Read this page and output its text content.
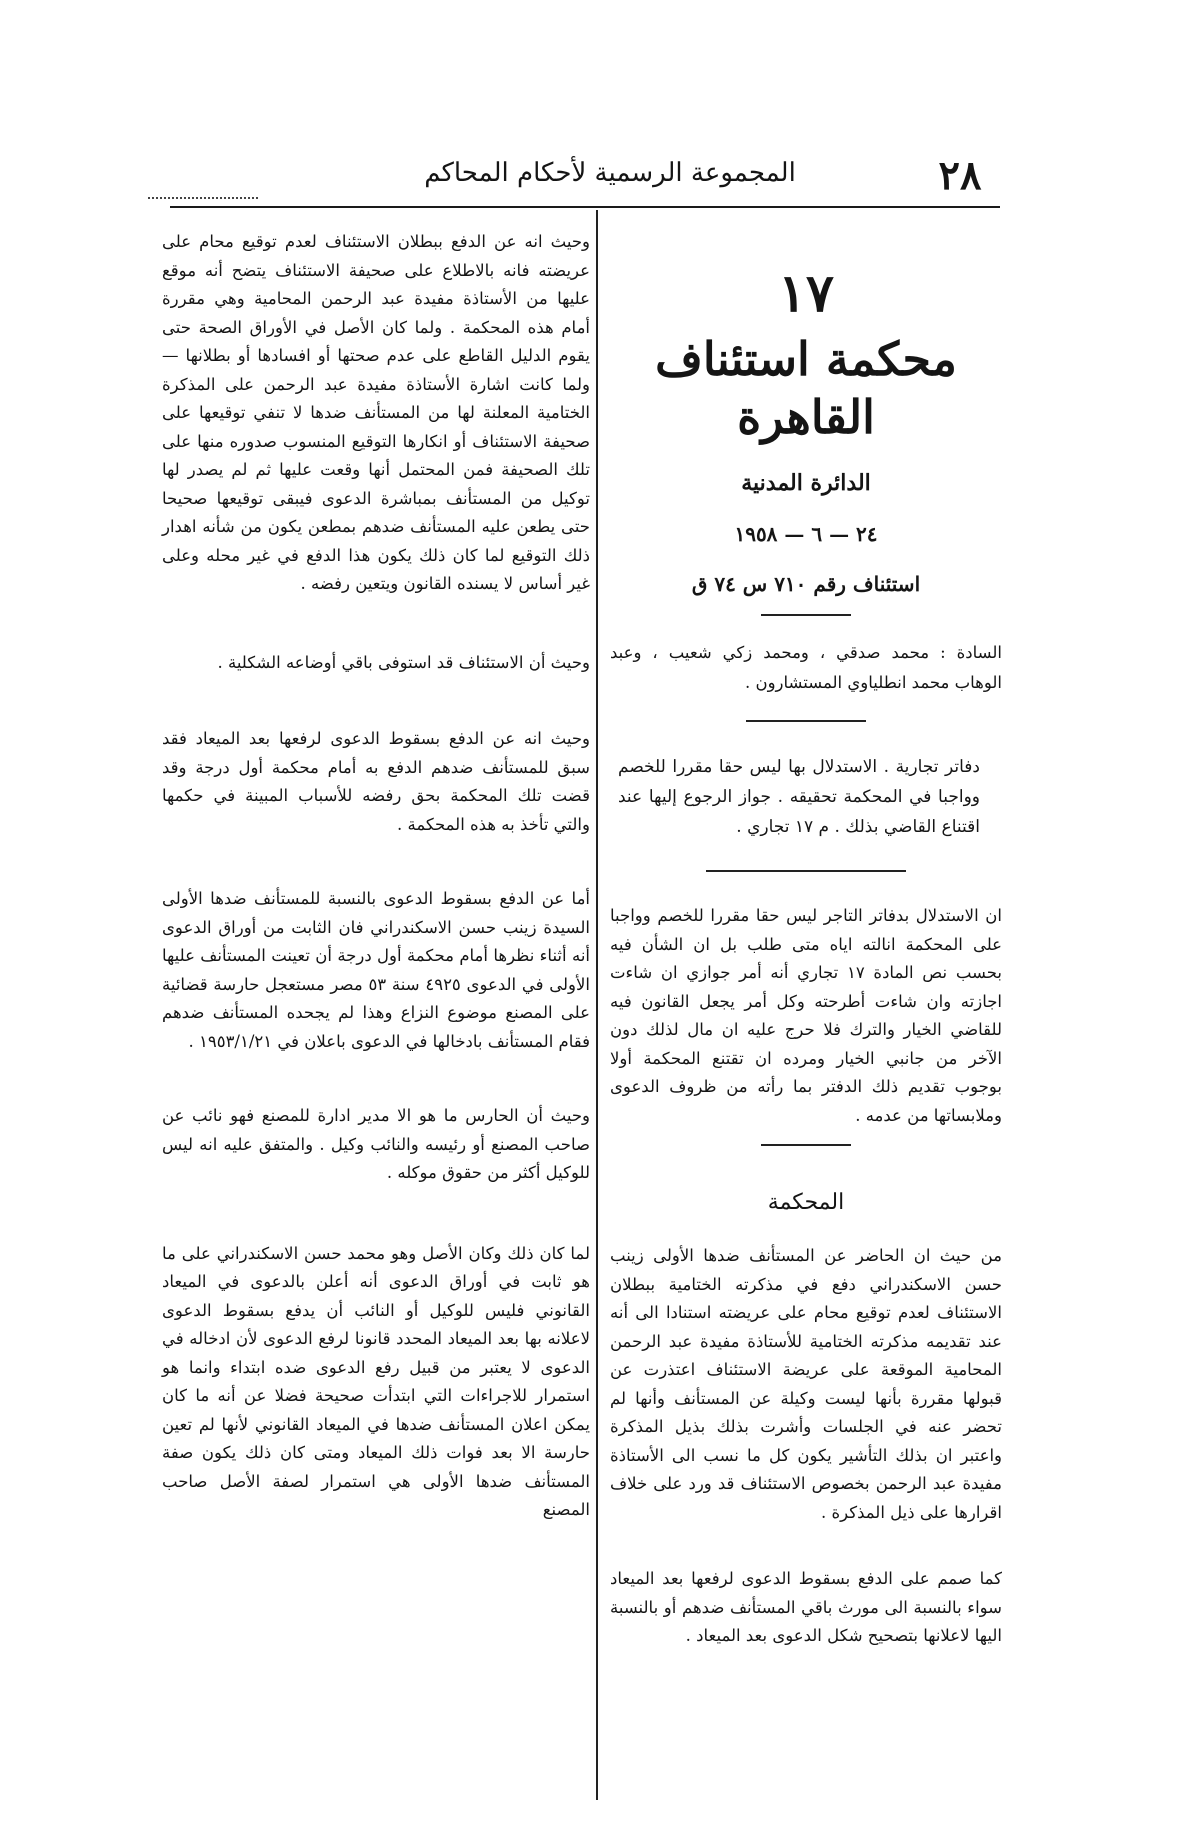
٢٨
المجموعة الرسمية لأحكام المحاكم

١٧

محكمة استئناف القاهرة

الدائرة المدنية

٢٤ — ٦ — ١٩٥٨

استئناف رقم ٧١٠ س ٧٤ ق

السادة : محمد صدقي ، ومحمد زكي شعيب ، وعبد الوهاب محمد انطلياوي المستشارون .

دفاتر تجارية . الاستدلال بها ليس حقا مقررا للخصم وواجبا في المحكمة تحقيقه . جواز الرجوع إليها عند اقتناع القاضي بذلك . م ١٧ تجاري .

ان الاستدلال بدفاتر التاجر ليس حقا مقررا للخصم وواجبا على المحكمة انالته اياه متى طلب بل ان الشأن فيه بحسب نص المادة ١٧ تجاري أنه أمر جوازي ان شاءت اجازته وان شاءت أطرحته وكل أمر يجعل القانون فيه للقاضي الخيار والترك فلا حرج عليه ان مال لذلك دون الآخر من جانبي الخيار ومرده ان تقتنع المحكمة أولا بوجوب تقديم ذلك الدفتر بما رأته من ظروف الدعوى وملابساتها من عدمه .

المحكمة

من حيث ان الحاضر عن المستأنف ضدها الأولى زينب حسن الاسكندراني دفع في مذكرته الختامية ببطلان الاستئناف لعدم توقيع محام على عريضته استنادا الى أنه عند تقديمه مذكرته الختامية للأستاذة مفيدة عبد الرحمن المحامية الموقعة على عريضة الاستئناف اعتذرت عن قبولها مقررة بأنها ليست وكيلة عن المستأنف وأنها لم تحضر عنه في الجلسات وأشرت بذلك بذيل المذكرة واعتبر ان بذلك التأشير يكون كل ما نسب الى الأستاذة مفيدة عبد الرحمن بخصوص الاستئناف قد ورد على خلاف اقرارها على ذيل المذكرة .

كما صمم على الدفع بسقوط الدعوى لرفعها بعد الميعاد سواء بالنسبة الى مورث باقي المستأنف ضدهم أو بالنسبة اليها لاعلانها بتصحيح شكل الدعوى بعد الميعاد .

وحيث انه عن الدفع ببطلان الاستئناف لعدم توقيع محام على عريضته فانه بالاطلاع على صحيفة الاستئناف يتضح أنه موقع عليها من الأستاذة مفيدة عبد الرحمن المحامية وهي مقررة أمام هذه المحكمة . ولما كان الأصل في الأوراق الصحة حتى يقوم الدليل القاطع على عدم صحتها أو افسادها أو بطلانها — ولما كانت اشارة الأستاذة مفيدة عبد الرحمن على المذكرة الختامية المعلنة لها من المستأنف ضدها لا تنفي توقيعها على صحيفة الاستئناف أو انكارها التوقيع المنسوب صدوره منها على تلك الصحيفة فمن المحتمل أنها وقعت عليها ثم لم يصدر لها توكيل من المستأنف بمباشرة الدعوى فيبقى توقيعها صحيحا حتى يطعن عليه المستأنف ضدهم بمطعن يكون من شأنه اهدار ذلك التوقيع لما كان ذلك يكون هذا الدفع في غير محله وعلى غير أساس لا يسنده القانون ويتعين رفضه .

وحيث أن الاستئناف قد استوفى باقي أوضاعه الشكلية .

وحيث انه عن الدفع بسقوط الدعوى لرفعها بعد الميعاد فقد سبق للمستأنف ضدهم الدفع به أمام محكمة أول درجة وقد قضت تلك المحكمة بحق رفضه للأسباب المبينة في حكمها والتي تأخذ به هذه المحكمة .

أما عن الدفع بسقوط الدعوى بالنسبة للمستأنف ضدها الأولى السيدة زينب حسن الاسكندراني فان الثابت من أوراق الدعوى أنه أثناء نظرها أمام محكمة أول درجة أن تعينت المستأنف عليها الأولى في الدعوى ٤٩٢٥ سنة ٥٣ مصر مستعجل حارسة قضائية على المصنع موضوع النزاع وهذا لم يجحده المستأنف ضدهم فقام المستأنف بادخالها في الدعوى باعلان في ١٩٥٣/١/٢١ .

وحيث أن الحارس ما هو الا مدير ادارة للمصنع فهو نائب عن صاحب المصنع أو رئيسه والنائب وكيل . والمتفق عليه انه ليس للوكيل أكثر من حقوق موكله .

لما كان ذلك وكان الأصل وهو محمد حسن الاسكندراني على ما هو ثابت في أوراق الدعوى أنه أعلن بالدعوى في الميعاد القانوني فليس للوكيل أو النائب أن يدفع بسقوط الدعوى لاعلانه بها بعد الميعاد المحدد قانونا لرفع الدعوى لأن ادخاله في الدعوى لا يعتبر من قبيل رفع الدعوى ضده ابتداء وانما هو استمرار للاجراءات التي ابتدأت صحيحة فضلا عن أنه ما كان يمكن اعلان المستأنف ضدها في الميعاد القانوني لأنها لم تعين حارسة الا بعد فوات ذلك الميعاد ومتى كان ذلك يكون صفة المستأنف ضدها الأولى هي استمرار لصفة الأصل صاحب المصنع
